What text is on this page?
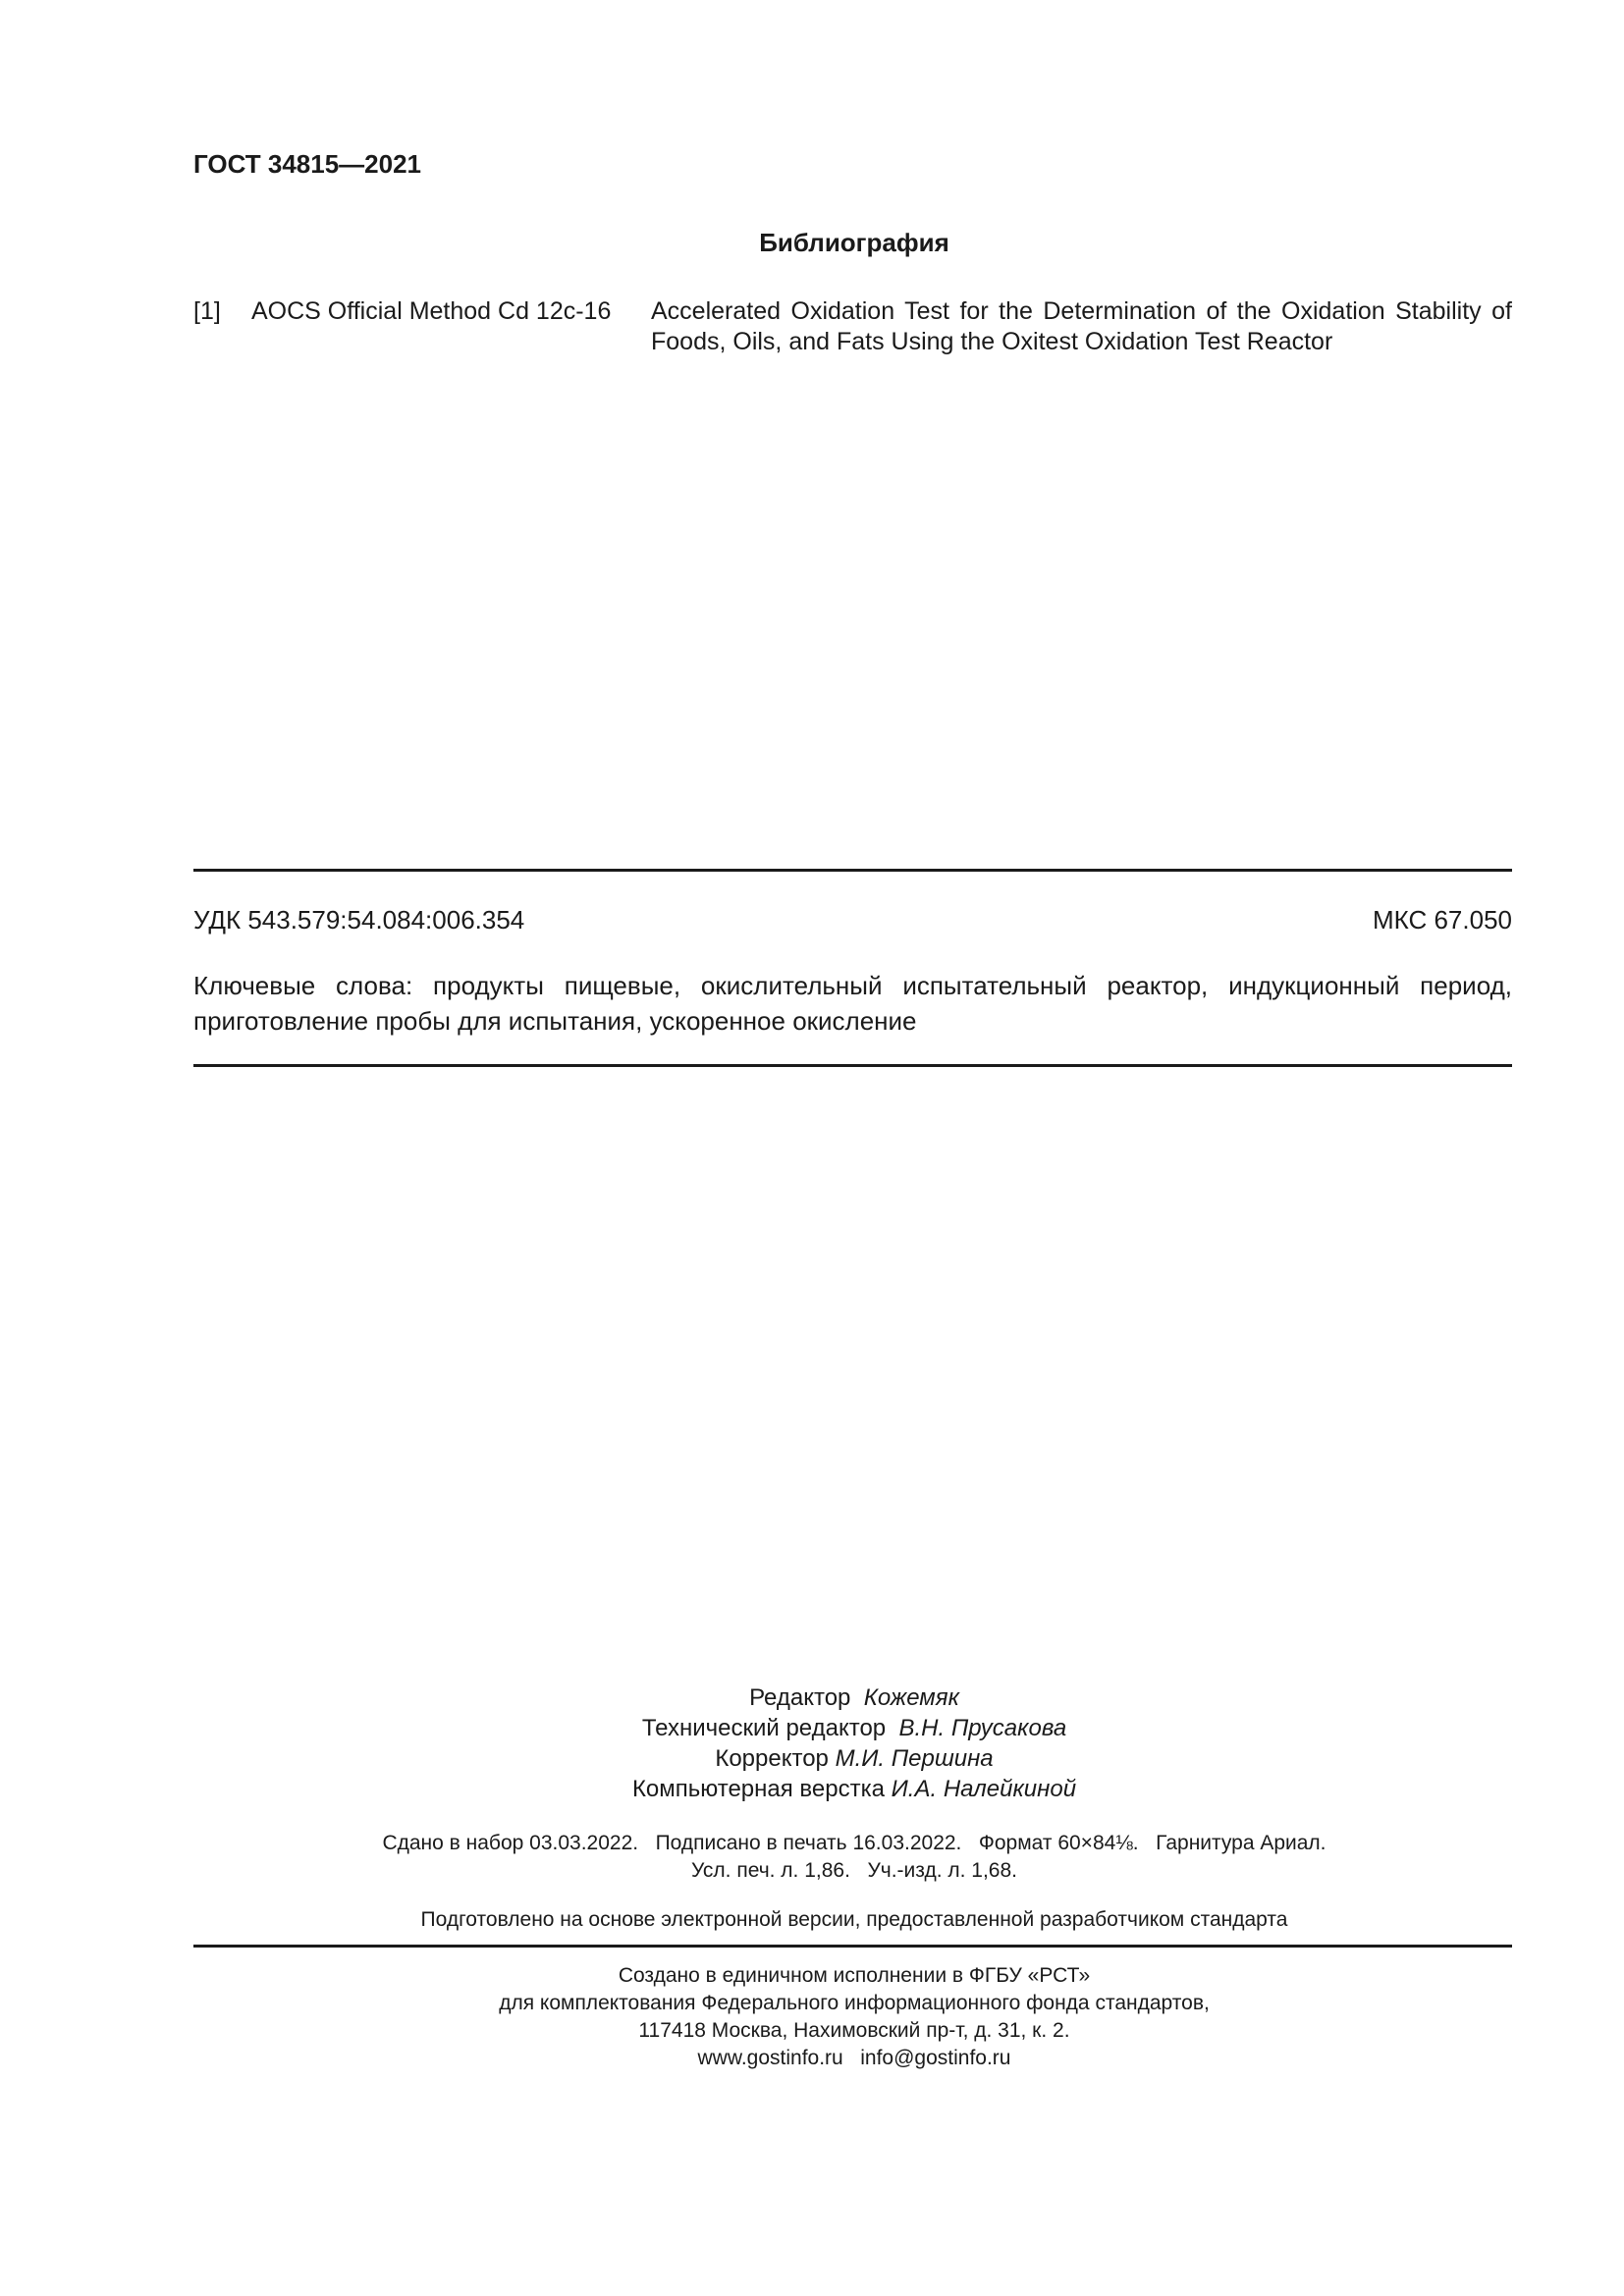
ГОСТ 34815—2021
Библиография
[1] AOCS Official Method Cd 12c-16 Accelerated Oxidation Test for the Determination of the Oxidation Stability of Foods, Oils, and Fats Using the Oxitest Oxidation Test Reactor
УДК 543.579:54.084:006.354	МКС 67.050
Ключевые слова: продукты пищевые, окислительный испытательный реактор, индукционный период,
приготовление пробы для испытания, ускоренное окисление
Редактор Кожемяк
Технический редактор В.Н. Прусакова
Корректор М.И. Першина
Компьютерная верстка И.А. Налейкиной
Сдано в набор 03.03.2022.   Подписано в печать 16.03.2022.   Формат 60×84⅛.   Гарнитура Ариал.
Усл. печ. л. 1,86.   Уч.-изд. л. 1,68.
Подготовлено на основе электронной версии, предоставленной разработчиком стандарта
Создано в единичном исполнении в ФГБУ «РСТ»
для комплектования Федерального информационного фонда стандартов,
117418 Москва, Нахимовский пр-т, д. 31, к. 2.
www.gostinfo.ru info@gostinfo.ru
